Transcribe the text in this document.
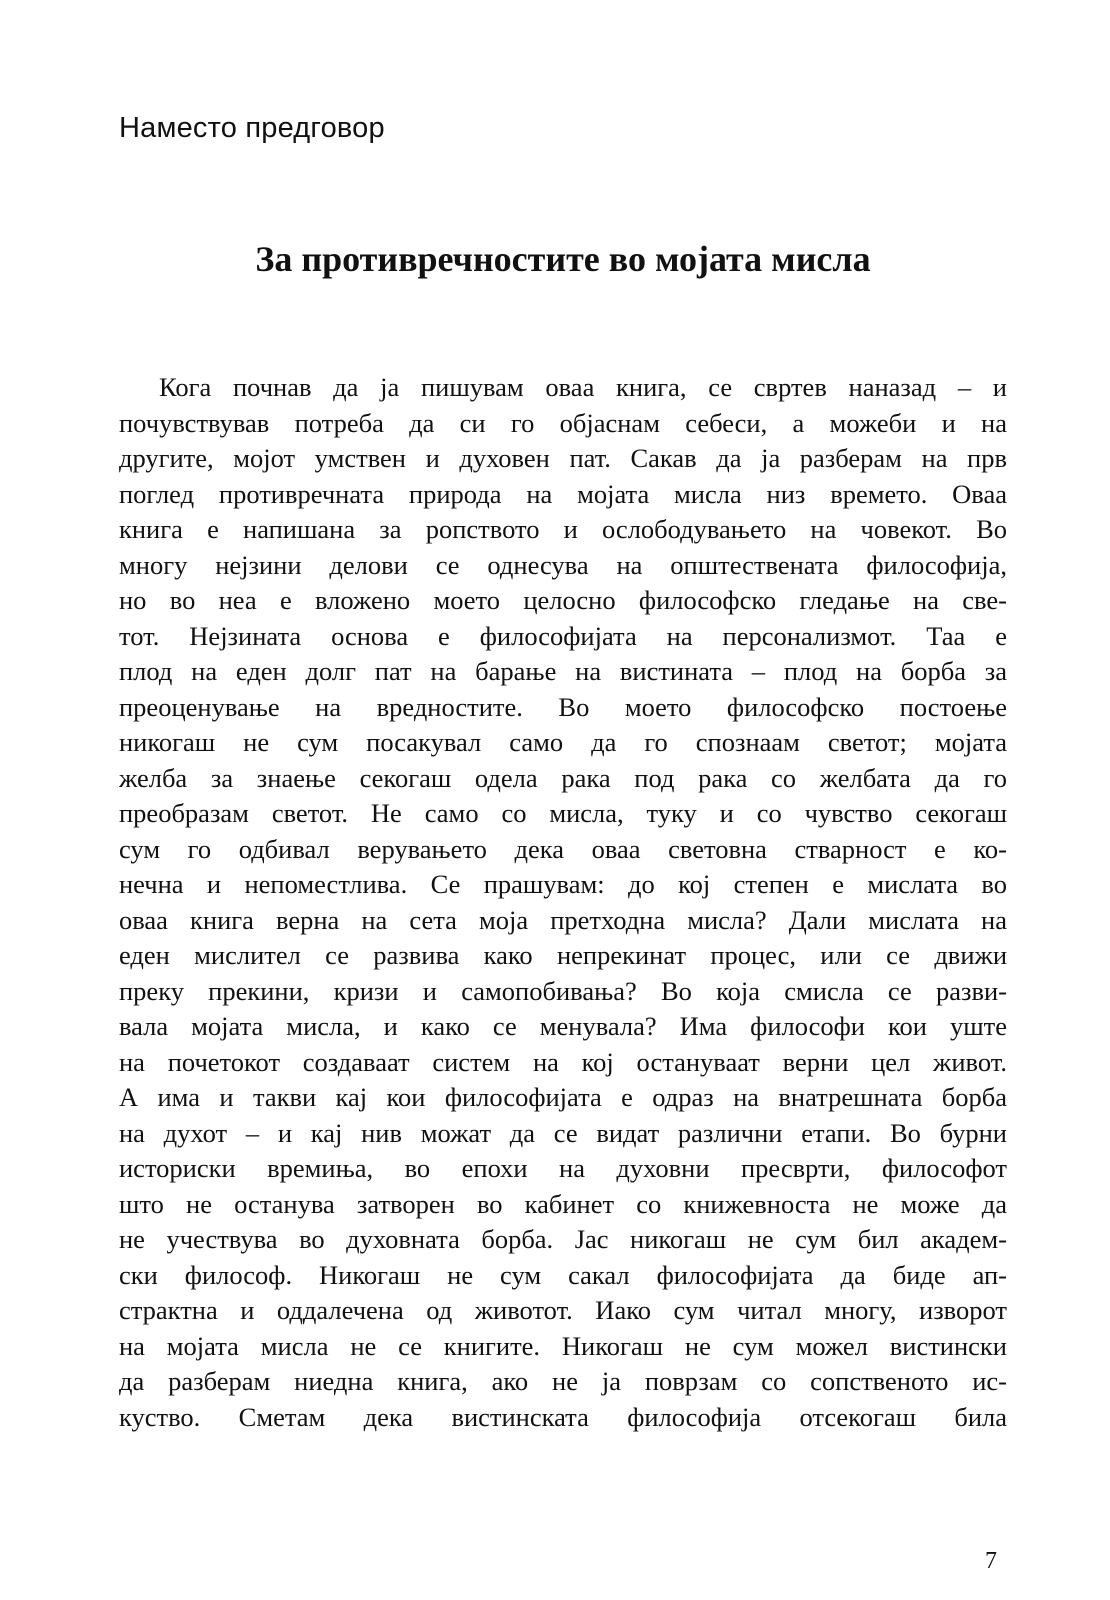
Наместо предговор
За противречностите во мојата мисла
Кога почнав да ја пишувам оваа книга, се свртев наназад – и
почувствував потреба да си го објаснам себеси, а можеби и на
другите, мојот умствен и духовен пат. Сакав да ја разберам на прв
поглед противречната природа на мојата мисла низ времето. Оваа
книга е напишана за ропството и ослободувањето на човекот. Во
многу нејзини делови се однесува на општествената философија,
но во неа е вложено моето целосно философско гледање на све-
тот. Нејзината основа е философијата на персонализмот. Таа е
плод на еден долг пат на барање на вистината – плод на борба за
преоценување на вредностите. Во моето философско постоење
никогаш не сум посакувал само да го спознаам светот; мојата
желба за знаење секогаш одела рака под рака со желбата да го
преобразам светот. Не само со мисла, туку и со чувство секогаш
сум го одбивал верувањето дека оваа световна стварност е ко-
нечна и непоместлива. Се прашувам: до кој степен е мислата во
оваа книга верна на сета моја претходна мисла? Дали мислата на
еден мислител се развива како непрекинат процес, или се движи
преку прекини, кризи и самопобивања? Во која смисла се разви-
вала мојата мисла, и како се менувала? Има философи кои уште
на почетокот создаваат систем на кој остануваат верни цел живот.
А има и такви кај кои философијата е одраз на внатрешната борба
на духот – и кај нив можат да се видат различни етапи. Во бурни
историски времиња, во епохи на духовни пресврти, философот
што не останува затворен во кабинет со книжевноста не може да
не учествува во духовната борба. Јас никогаш не сум бил академ-
ски философ. Никогаш не сум сакал философијата да биде ап-
страктна и оддалечена од животот. Иако сум читал многу, изворот
на мојата мисла не се книгите. Никогаш не сум можел вистински
да разберам ниедна книга, ако не ја поврзам со сопственото ис-
куство. Сметам дека вистинската философија отсекогаш била
7
